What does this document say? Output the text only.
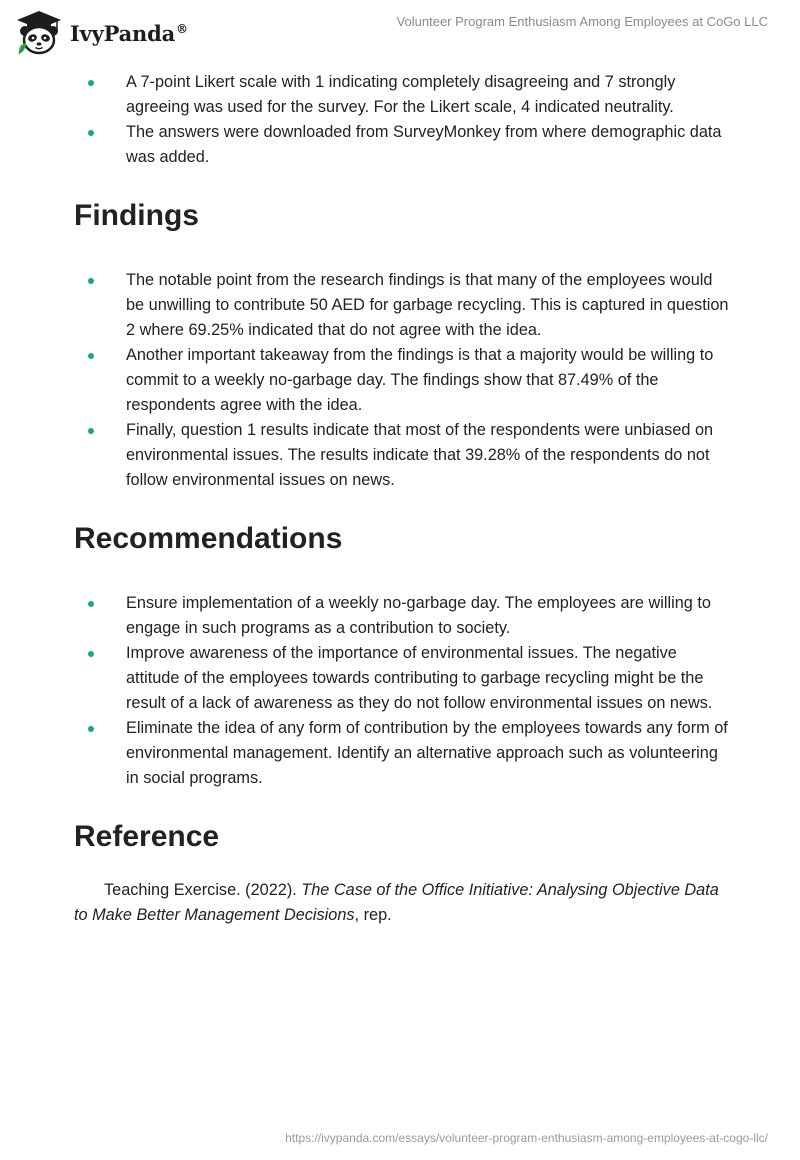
IvyPanda®	Volunteer Program Enthusiasm Among Employees at CoGo LLC
A 7-point Likert scale with 1 indicating completely disagreeing and 7 strongly agreeing was used for the survey. For the Likert scale, 4 indicated neutrality.
The answers were downloaded from SurveyMonkey from where demographic data was added.
Findings
The notable point from the research findings is that many of the employees would be unwilling to contribute 50 AED for garbage recycling. This is captured in question 2 where 69.25% indicated that do not agree with the idea.
Another important takeaway from the findings is that a majority would be willing to commit to a weekly no-garbage day. The findings show that 87.49% of the respondents agree with the idea.
Finally, question 1 results indicate that most of the respondents were unbiased on environmental issues. The results indicate that 39.28% of the respondents do not follow environmental issues on news.
Recommendations
Ensure implementation of a weekly no-garbage day. The employees are willing to engage in such programs as a contribution to society.
Improve awareness of the importance of environmental issues. The negative attitude of the employees towards contributing to garbage recycling might be the result of a lack of awareness as they do not follow environmental issues on news.
Eliminate the idea of any form of contribution by the employees towards any form of environmental management. Identify an alternative approach such as volunteering in social programs.
Reference

Teaching Exercise. (2022). The Case of the Office Initiative: Analysing Objective Data to Make Better Management Decisions, rep.

https://ivypanda.com/essays/volunteer-program-enthusiasm-among-employees-at-cogo-llc/
